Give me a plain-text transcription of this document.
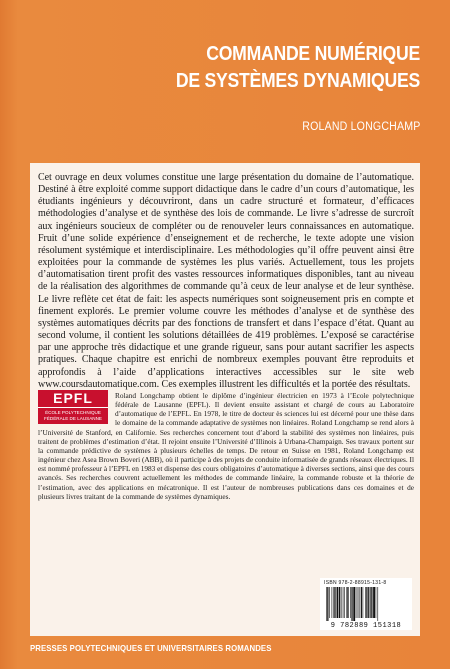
COMMANDE NUMÉRIQUE
DE SYSTÈMES DYNAMIQUES
ROLAND LONGCHAMP

Cet ouvrage en deux volumes constitue une large présentation du domaine de l’automatique. Destiné à être exploité comme support didactique dans le cadre d’un cours d’automatique, les étudiants ingénieurs y découvriront, dans un cadre structuré et formateur, d’efficaces méthodologies d’analyse et de synthèse des lois de commande. Le livre s’adresse de surcroît aux ingénieurs soucieux de compléter ou de renouveler leurs connaissances en automatique. Fruit d’une solide expérience d’enseignement et de recherche, le texte adopte une vision résolument systémique et interdisciplinaire. Les méthodologies qu’il offre peuvent ainsi être exploitées pour la commande de systèmes les plus variés. Actuellement, tous les projets d’automatisation tirent profit des vastes ressources informatiques disponibles, tant au niveau de la réalisation des algorithmes de commande qu’à ceux de leur analyse et de leur synthèse. Le livre reflète cet état de fait: les aspects numériques sont soigneusement pris en compte et finement explorés. Le premier volume couvre les méthodes d’analyse et de synthèse des systèmes automatiques décrits par des fonctions de transfert et dans l’espace d’état. Quant au second volume, il contient les solutions détaillées de 419 problèmes. L’exposé se caractérise par une approche très didactique et une grande rigueur, sans pour autant sacrifier les aspects pratiques. Chaque chapitre est enrichi de nombreux exemples pouvant être reproduits et approfondis à l’aide d’applications interactives accessibles sur le site web www.coursdautomatique.com. Ces exemples illustrent les difficultés et la portée des résultats.

EPFL
ÉCOLE POLYTECHNIQUE
FÉDÉRALE DE LAUSANNE
Roland Longchamp obtient le diplôme d’ingénieur électricien en 1973 à l’Ecole polytechnique fédérale de Lausanne (EPFL). Il devient ensuite assistant et chargé de cours au Laboratoire d’automatique de l’EPFL. En 1978, le titre de docteur ès sciences lui est décerné pour une thèse dans le domaine de la commande adaptative de systèmes non linéaires. Roland Longchamp se rend alors à l’Université de Stanford, en Californie. Ses recherches concernent tout d’abord la stabilité des systèmes non linéaires, puis traitent de problèmes d’estimation d’état. Il rejoint ensuite l’Université d’Illinois à Urbana-Champaign. Ses travaux portent sur la commande prédictive de systèmes à plusieurs échelles de temps. De retour en Suisse en 1981, Roland Longchamp est ingénieur chez Asea Brown Boveri (ABB), où il participe à des projets de conduite informatisée de grands réseaux électriques. Il est nommé professeur à l’EPFL en 1983 et dispense des cours obligatoires d’automatique à diverses sections, ainsi que des cours avancés. Ses recherches couvrent actuellement les méthodes de commande linéaire, la commande robuste et la théorie de l’estimation, avec des applications en mécatronique. Il est l’auteur de nombreuses publications dans ces domaines et de plusieurs livres traitant de la commande de systèmes dynamiques.
ISBN 978-2-88915-131-8
9 782889 151318
PRESSES POLYTECHNIQUES ET UNIVERSITAIRES ROMANDES
